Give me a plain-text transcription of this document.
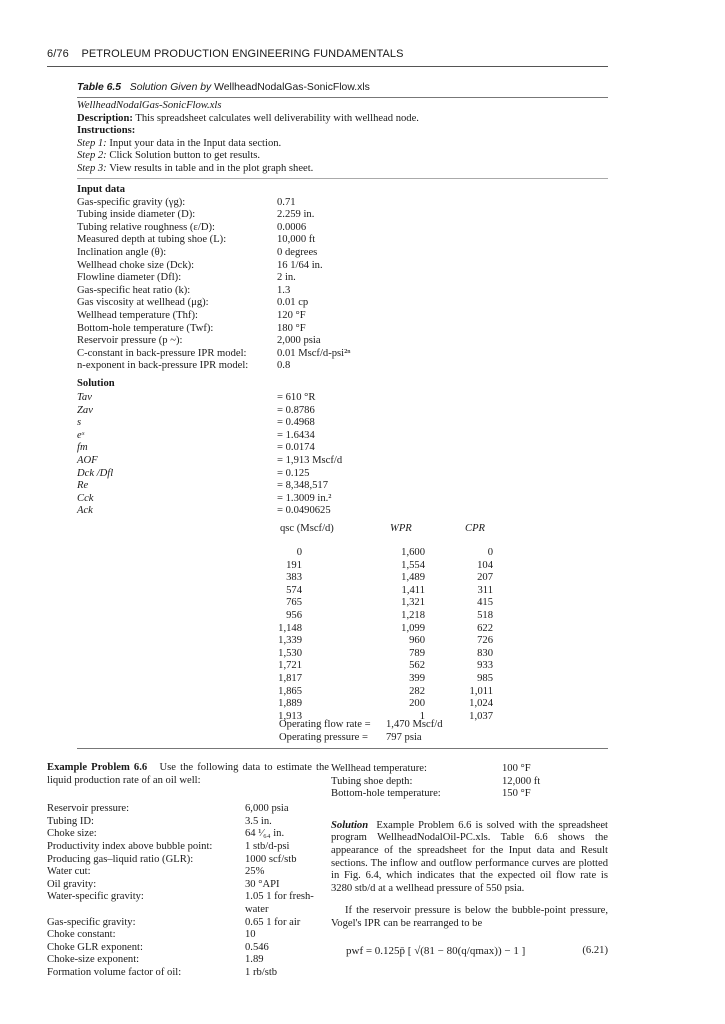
6/76 PETROLEUM PRODUCTION ENGINEERING FUNDAMENTALS
Table 6.5 Solution Given by WellheadNodalGas-SonicFlow.xls
WellheadNodalGas-SonicFlow.xls
Description: This spreadsheet calculates well deliverability with wellhead node.
Instructions:
Step 1: Input your data in the Input data section.
Step 2: Click Solution button to get results.
Step 3: View results in table and in the plot graph sheet.
Input data
Gas-specific gravity (γg):	0.71
Tubing inside diameter (D):	2.259 in.
Tubing relative roughness (ε/D):	0.0006
Measured depth at tubing shoe (L):	10,000 ft
Inclination angle (θ):	0 degrees
Wellhead choke size (Dck):	16 1/64 in.
Flowline diameter (Dfl):	2 in.
Gas-specific heat ratio (k):	1.3
Gas viscosity at wellhead (μg):	0.01 cp
Wellhead temperature (Thf):	120 °F
Bottom-hole temperature (Twf):	180 °F
Reservoir pressure (p ~):	2,000 psia
C-constant in back-pressure IPR model:	0.01 Mscf/d-psi²ⁿ
n-exponent in back-pressure IPR model:	0.8
Solution
Tav	= 610 °R
Zav	= 0.8786
s	= 0.4968
eˢ	= 1.6434
fm	= 0.0174
AOF	= 1,913 Mscf/d
Dck /Dfl	= 0.125
Re	= 8,348,517
Cck	= 1.3009 in.²
Ack	= 0.0490625
qsc (Mscf/d)	WPR	CPR
0	1,600	0
191	1,554	104
383	1,489	207
574	1,411	311
765	1,321	415
956	1,218	518
1,148	1,099	622
1,339	960	726
1,530	789	830
1,721	562	933
1,817	399	985
1,865	282	1,011
1,889	200	1,024
1,913	1	1,037
Operating flow rate = 1,470 Mscf/d
Operating pressure = 797 psia
Example Problem 6.6 Use the following data to estimate the liquid production rate of an oil well:
Reservoir pressure:	6,000 psia
Tubing ID:	3.5 in.
Choke size:	64 ¹⁄₆₄ in.
Productivity index above bubble point:	1 stb/d-psi
Producing gas–liquid ratio (GLR):	1000 scf/stb
Water cut:	25%
Oil gravity:	30 °API
Water-specific gravity:	1.05 1 for fresh-water
Gas-specific gravity:	0.65 1 for air
Choke constant:	10
Choke GLR exponent:	0.546
Choke-size exponent:	1.89
Formation volume factor of oil:	1 rb/stb
Wellhead temperature:	100 °F
Tubing shoe depth:	12,000 ft
Bottom-hole temperature:	150 °F
Solution Example Problem 6.6 is solved with the spreadsheet program WellheadNodalOil-PC.xls. Table 6.6 shows the appearance of the spreadsheet for the Input data and Result sections. The inflow and outflow performance curves are plotted in Fig. 6.4, which indicates that the expected oil flow rate is 3280 stb/d at a wellhead pressure of 550 psia.
If the reservoir pressure is below the bubble-point pressure, Vogel's IPR can be rearranged to be
pwf = 0.125p̄ [ √(81 − 80(q/qmax)) − 1 ]	(6.21)
